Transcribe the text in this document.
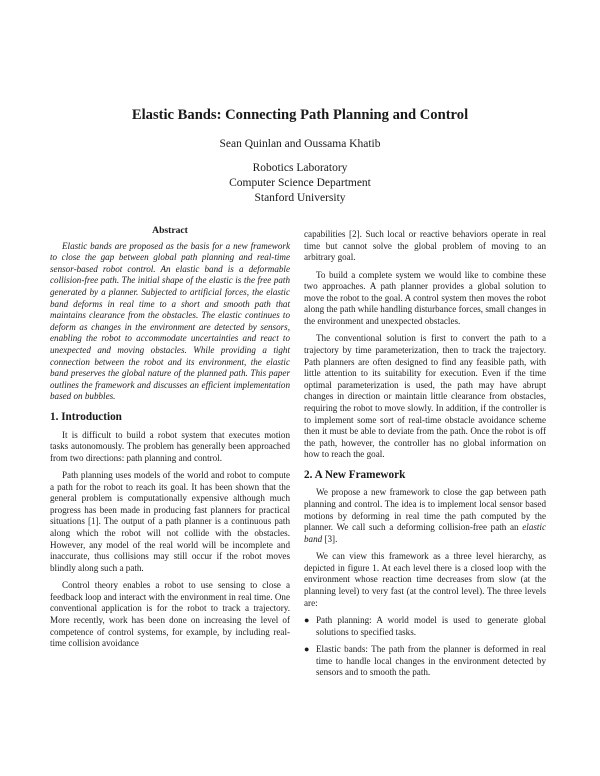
Elastic Bands: Connecting Path Planning and Control
Sean Quinlan and Oussama Khatib
Robotics Laboratory
Computer Science Department
Stanford University
Abstract

Elastic bands are proposed as the basis for a new framework to close the gap between global path planning and real-time sensor-based robot control. An elastic band is a deformable collision-free path. The initial shape of the elastic is the free path generated by a planner. Subjected to artificial forces, the elastic band deforms in real time to a short and smooth path that maintains clearance from the obstacles. The elastic continues to deform as changes in the environment are detected by sensors, enabling the robot to accommodate uncertainties and react to unexpected and moving obstacles. While providing a tight connection between the robot and its environment, the elastic band preserves the global nature of the planned path. This paper outlines the framework and discusses an efficient implementation based on bubbles.

1. Introduction

It is difficult to build a robot system that executes motion tasks autonomously. The problem has generally been approached from two directions: path planning and control.

Path planning uses models of the world and robot to compute a path for the robot to reach its goal. It has been shown that the general problem is computationally expensive although much progress has been made in producing fast planners for practical situations [1]. The output of a path planner is a continuous path along which the robot will not collide with the obstacles. However, any model of the real world will be incomplete and inaccurate, thus collisions may still occur if the robot moves blindly along such a path.

Control theory enables a robot to use sensing to close a feedback loop and interact with the environment in real time. One conventional application is for the robot to track a trajectory. More recently, work has been done on increasing the level of competence of control systems, for example, by including real-time collision avoidance

capabilities [2]. Such local or reactive behaviors operate in real time but cannot solve the global problem of moving to an arbitrary goal.

To build a complete system we would like to combine these two approaches. A path planner provides a global solution to move the robot to the goal. A control system then moves the robot along the path while handling disturbance forces, small changes in the environment and unexpected obstacles.

The conventional solution is first to convert the path to a trajectory by time parameterization, then to track the trajectory. Path planners are often designed to find any feasible path, with little attention to its suitability for execution. Even if the time optimal parameterization is used, the path may have abrupt changes in direction or maintain little clearance from obstacles, requiring the robot to move slowly. In addition, if the controller is to implement some sort of real-time obstacle avoidance scheme then it must be able to deviate from the path. Once the robot is off the path, however, the controller has no global information on how to reach the goal.

2. A New Framework

We propose a new framework to close the gap between path planning and control. The idea is to implement local sensor based motions by deforming in real time the path computed by the planner. We call such a deforming collision-free path an elastic band [3].

We can view this framework as a three level hierarchy, as depicted in figure 1. At each level there is a closed loop with the environment whose reaction time decreases from slow (at the planning level) to very fast (at the control level). The three levels are:

● Path planning: A world model is used to generate global solutions to specified tasks.
● Elastic bands: The path from the planner is deformed in real time to handle local changes in the environment detected by sensors and to smooth the path.
